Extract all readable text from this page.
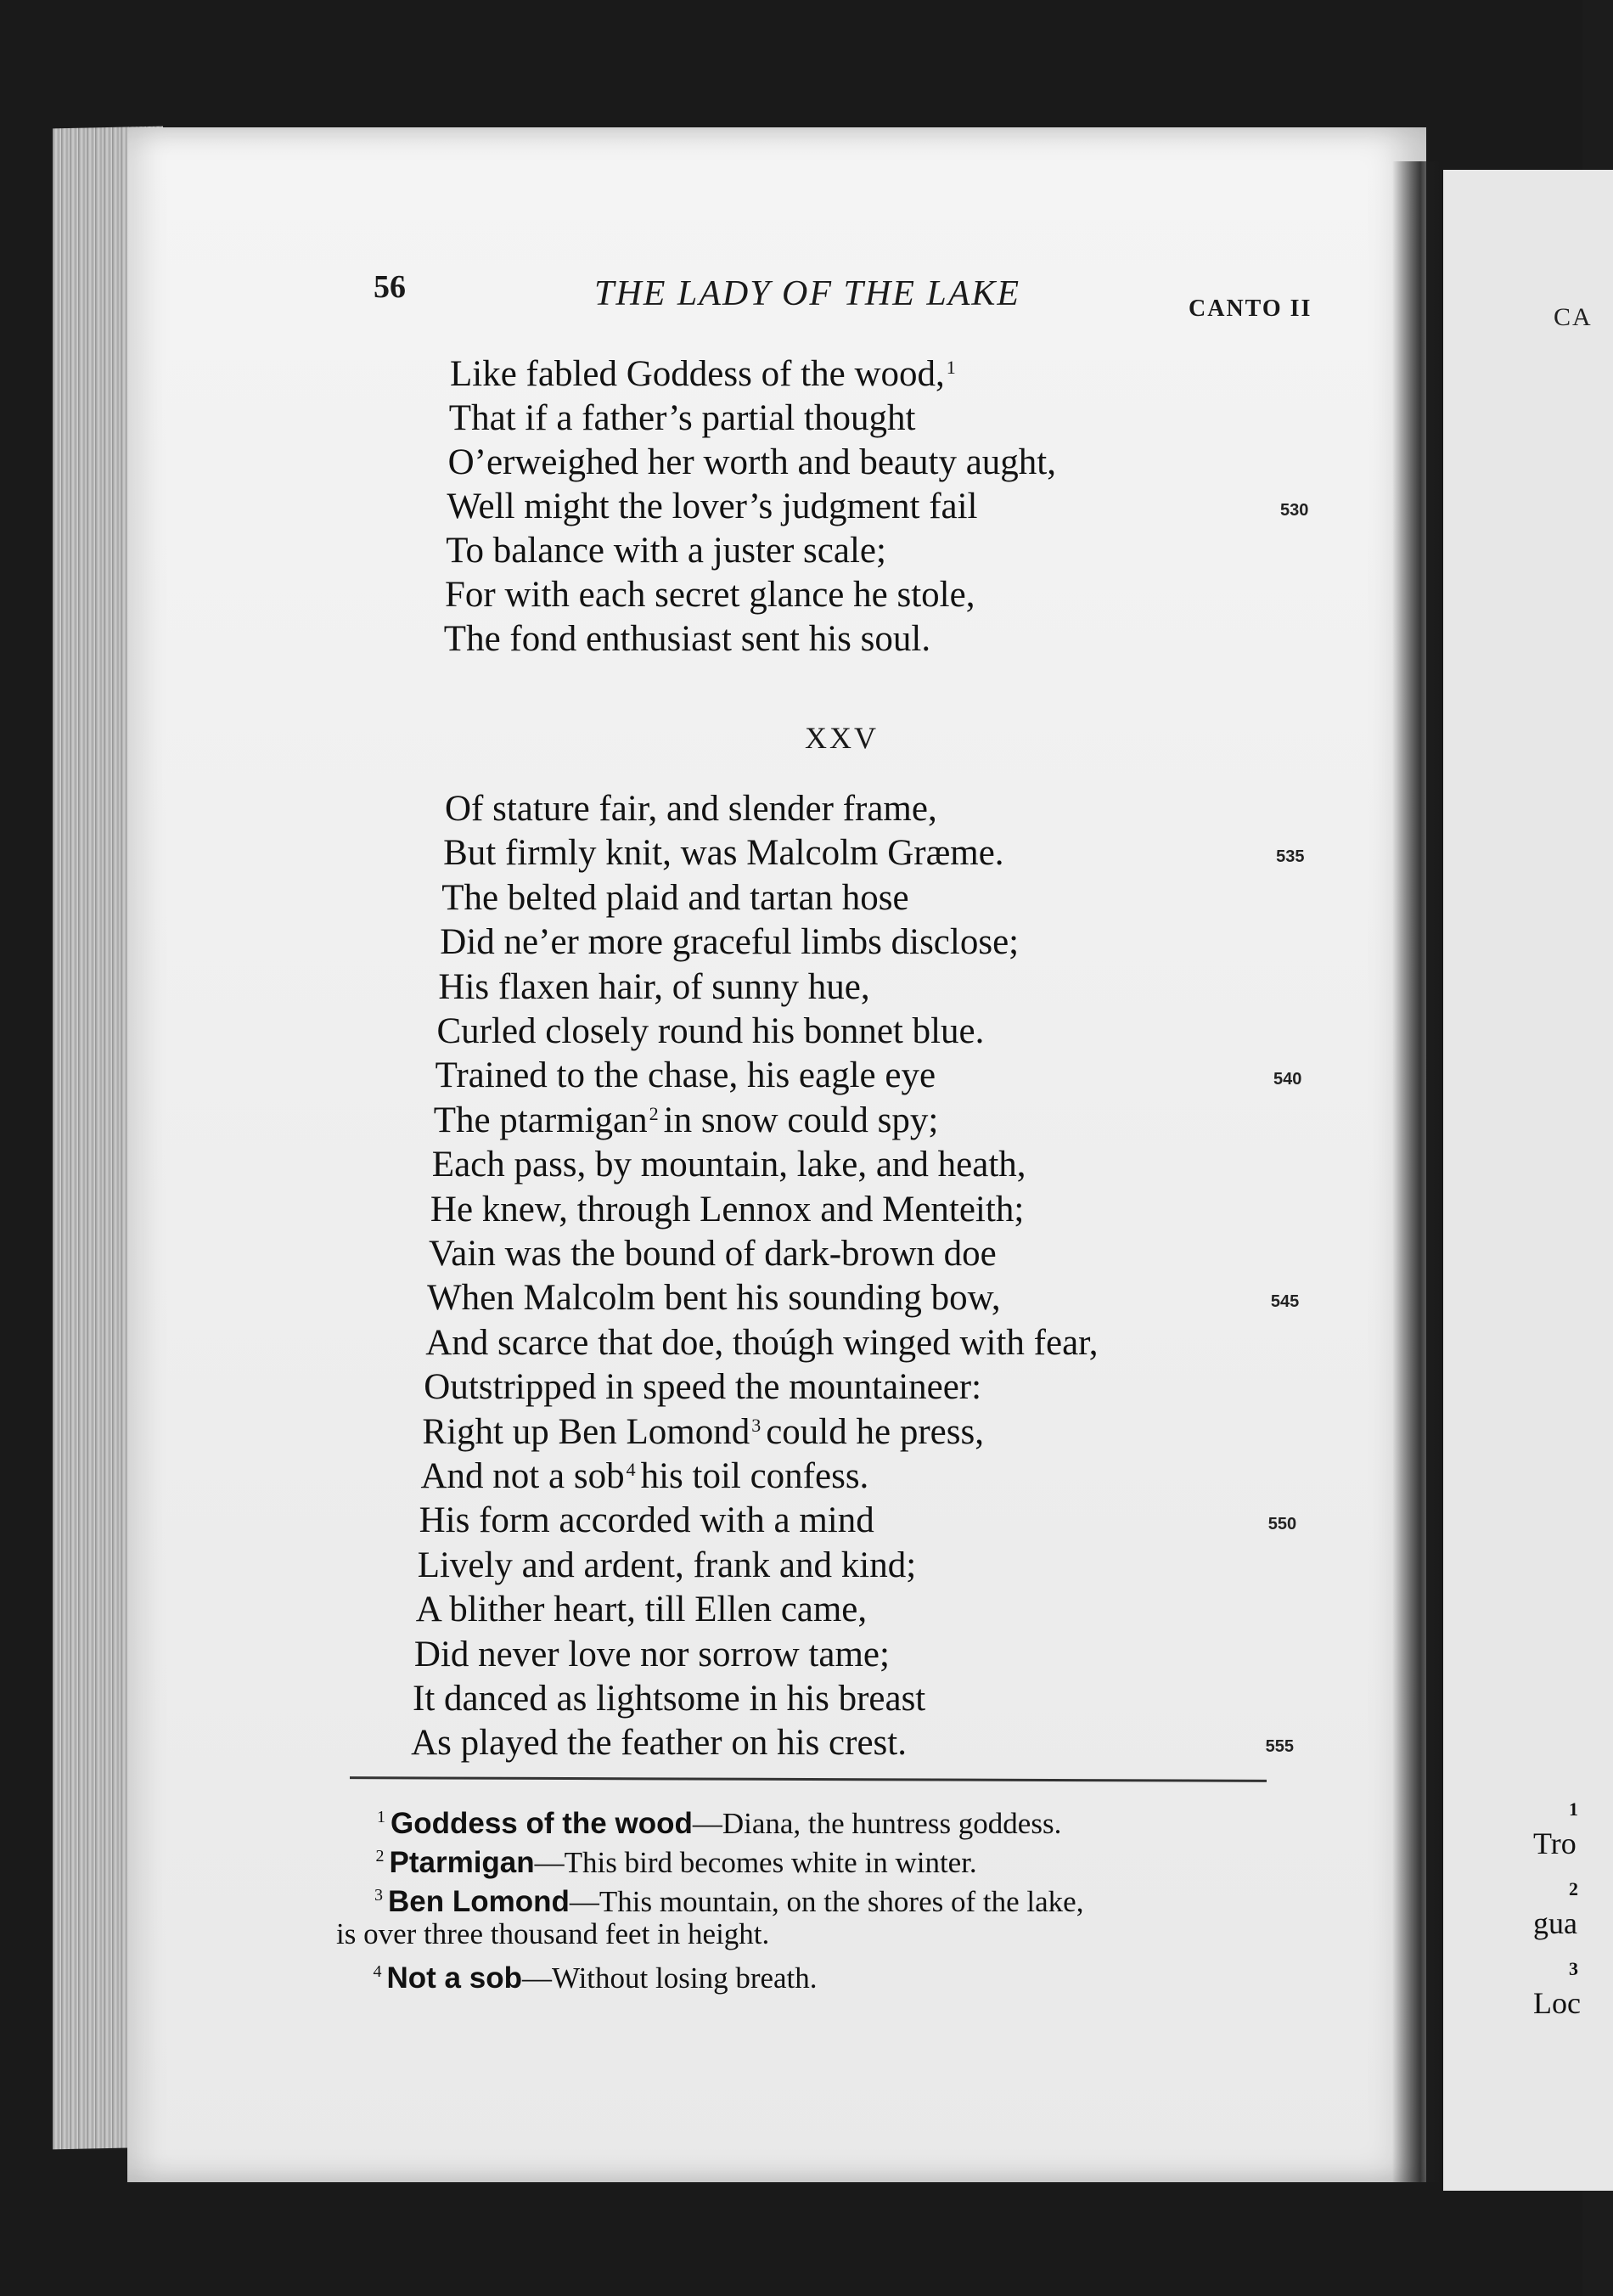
CA
1
Tro
2
gua
3
Loc
56	THE LADY OF THE LAKE	CANTO II
Like fabled Goddess of the wood,$^1$
That if a father’s partial thought
O’erweighed her worth and beauty aught,
Well might the lover’s judgment fail	530
To balance with a juster scale;
For with each secret glance he stole,
The fond enthusiast sent his soul.
Of stature fair, and slender frame,
But firmly knit, was Malcolm Græme.	535
The belted plaid and tartan hose
Did ne’er more graceful limbs disclose;
His flaxen hair, of sunny hue,
Curled closely round his bonnet blue.
Trained to the chase, his eagle eye	540
The ptarmigan$^2$ in snow could spy;
Each pass, by mountain, lake, and heath,
He knew, through Lennox and Menteith;
Vain was the bound of dark-brown doe
When Malcolm bent his sounding bow,	545
And scarce that doe, thoúgh winged with fear,
Outstripped in speed the mountaineer:
Right up Ben Lomond$^3$ could he press,
And not a sob$^4$ his toil confess.
His form accorded with a mind	550
Lively and ardent, frank and kind;
A blither heart, till Ellen came,
Did never love nor sorrow tame;
It danced as lightsome in his breast
As played the feather on his crest.	555
XXV
$^1$ Goddess of the wood—Diana, the huntress goddess.
$^2$ Ptarmigan—This bird becomes white in winter.
$^3$ Ben Lomond—This mountain, on the shores of the lake,
is over three thousand feet in height.
$^4$ Not a sob—Without losing breath.
